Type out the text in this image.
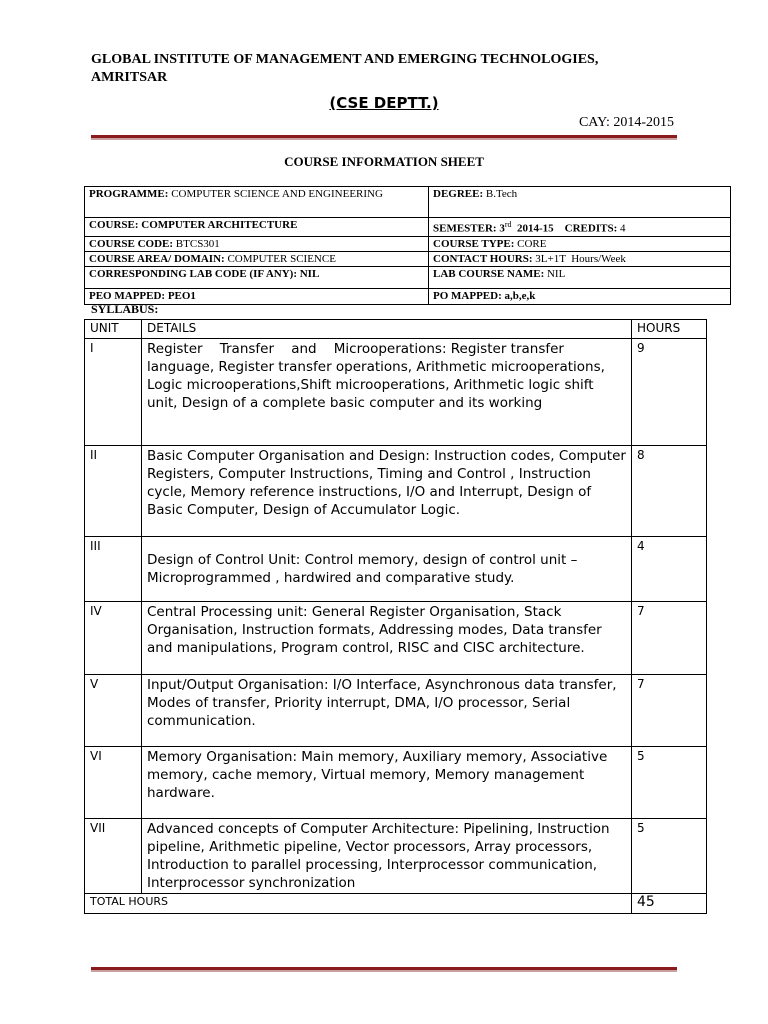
GLOBAL INSTITUTE OF MANAGEMENT AND EMERGING TECHNOLOGIES,
AMRITSAR
(CSE DEPTT.)
CAY: 2014-2015
COURSE INFORMATION SHEET
PROGRAMME: COMPUTER SCIENCE AND ENGINEERING	DEGREE: B.Tech
COURSE: COMPUTER ARCHITECTURE	SEMESTER: 3rd  2014-15 CREDITS: 4
COURSE CODE: BTCS301	COURSE TYPE: CORE
COURSE AREA/ DOMAIN: COMPUTER SCIENCE	CONTACT HOURS: 3L+1T  Hours/Week
CORRESPONDING LAB CODE (IF ANY): NIL	LAB COURSE NAME: NIL
PEO MAPPED: PEO1	PO MAPPED: a,b,e,k
SYLLABUS:
UNIT	DETAILS	HOURS
I	Register    Transfer    and    Microoperations: Register transfer    language, Register transfer operations, Arithmetic microoperations, Logic microoperations,Shift microoperations, Arithmetic logic shift unit, Design of a complete basic computer and its working	9
II	Basic Computer Organisation and Design: Instruction codes, Computer Registers, Computer Instructions, Timing and Control , Instruction cycle, Memory reference instructions, I/O and Interrupt, Design of Basic Computer, Design of Accumulator Logic.	8
III	Design of Control Unit: Control memory, design of control unit – Microprogrammed , hardwired and comparative study.	4
IV	Central Processing unit: General Register Organisation, Stack Organisation, Instruction formats, Addressing modes, Data transfer and manipulations, Program control, RISC and CISC architecture.	7
V	Input/Output Organisation: I/O Interface, Asynchronous data transfer, Modes of transfer, Priority interrupt, DMA, I/O processor, Serial communication.	7
VI	Memory Organisation: Main memory, Auxiliary memory, Associative memory, cache memory, Virtual memory, Memory management hardware.	5
VII	Advanced concepts of Computer Architecture: Pipelining, Instruction pipeline, Arithmetic pipeline, Vector processors, Array processors, Introduction to parallel processing, Interprocessor communication, Interprocessor synchronization	5
TOTAL HOURS		45
